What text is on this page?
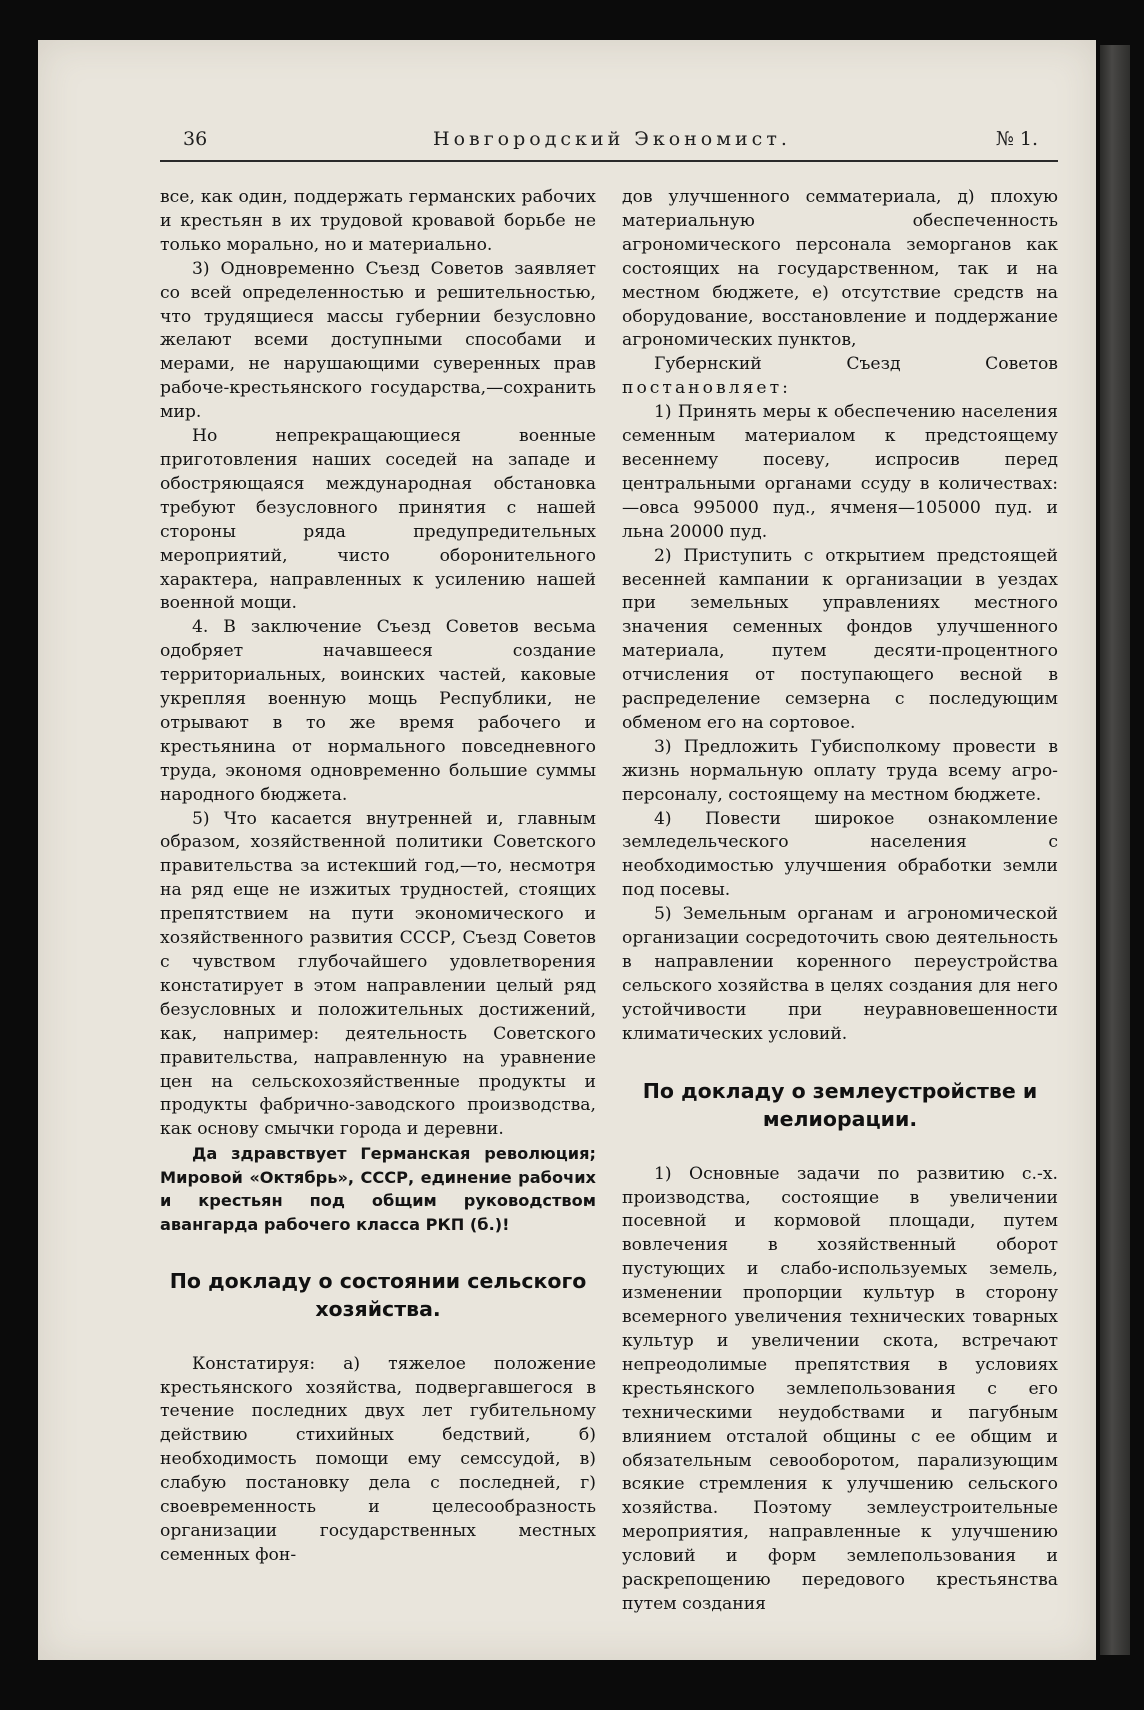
36	Новгородский Экономист.	№ 1.

все, как один, поддержать германских рабочих и крестьян в их трудовой кровавой борьбе не только морально, но и материально.

3) Одновременно Съезд Советов заявляет со всей определенностью и решительностью, что трудящиеся массы губернии безусловно желают всеми доступными способами и мерами, не нарушающими суверенных прав рабоче-крестьянского государства,—сохранить мир.

Но непрекращающиеся военные приготовления наших соседей на западе и обостряющаяся международная обстановка требуют безусловного принятия с нашей стороны ряда предупредительных мероприятий, чисто оборонительного характера, направленных к усилению нашей военной мощи.

4. В заключение Съезд Советов весьма одобряет начавшееся создание территориальных, воинских частей, каковые укрепляя военную мощь Республики, не отрывают в то же время рабочего и крестьянина от нормального повседневного труда, экономя одновременно большие суммы народного бюджета.

5) Что касается внутренней и, главным образом, хозяйственной политики Советского правительства за истекший год,—то, несмотря на ряд еще не изжитых трудностей, стоящих препятствием на пути экономического и хозяйственного развития СССР, Съезд Советов с чувством глубочайшего удовлетворения констатирует в этом направлении целый ряд безусловных и положительных достижений, как, например: деятельность Советского правительства, направленную на уравнение цен на сельскохозяйственные продукты и продукты фабрично-заводского производства, как основу смычки города и деревни.

Да здравствует Германская революция; Мировой «Октябрь», СССР, единение рабочих и крестьян под общим руководством авангарда рабочего класса РКП (б.)!

По докладу о состоянии сельского хозяйства.

Констатируя: а) тяжелое положение крестьянского хозяйства, подвергавшегося в течение последних двух лет губительному действию стихийных бедствий, б) необходимость помощи ему семссудой, в) слабую постановку дела с последней, г) своевременность и целесообразность организации государственных местных семенных фон-

дов улучшенного семматериала, д) плохую материальную обеспеченность агрономического персонала земорганов как состоящих на государственном, так и на местном бюджете, е) отсутствие средств на оборудование, восстановление и поддержание агрономических пунктов,

Губернский Съезд Советов постановляет:

1) Принять меры к обеспечению населения семенным материалом к предстоящему весеннему посеву, испросив перед центральными органами ссуду в количествах:—овса 995000 пуд., ячменя—105000 пуд. и льна 20000 пуд.

2) Приступить с открытием предстоящей весенней кампании к организации в уездах при земельных управлениях местного значения семенных фондов улучшенного материала, путем десяти-процентного отчисления от поступающего весной в распределение семзерна с последующим обменом его на сортовое.

3) Предложить Губисполкому провести в жизнь нормальную оплату труда всему агро-персоналу, состоящему на местном бюджете.

4) Повести широкое ознакомление земледельческого населения с необходимостью улучшения обработки земли под посевы.

5) Земельным органам и агрономической организации сосредоточить свою деятельность в направлении коренного переустройства сельского хозяйства в целях создания для него устойчивости при неуравновешенности климатических условий.

По докладу о землеустройстве и мелиорации.

1) Основные задачи по развитию с.-х. производства, состоящие в увеличении посевной и кормовой площади, путем вовлечения в хозяйственный оборот пустующих и слабо-используемых земель, изменении пропорции культур в сторону всемерного увеличения технических товарных культур и увеличении скота, встречают непреодолимые препятствия в условиях крестьянского землепользования с его техническими неудобствами и пагубным влиянием отсталой общины с ее общим и обязательным севооборотом, парализующим всякие стремления к улучшению сельского хозяйства. Поэтому землеустроительные мероприятия, направленные к улучшению условий и форм землепользования и раскрепощению передового крестьянства путем создания
